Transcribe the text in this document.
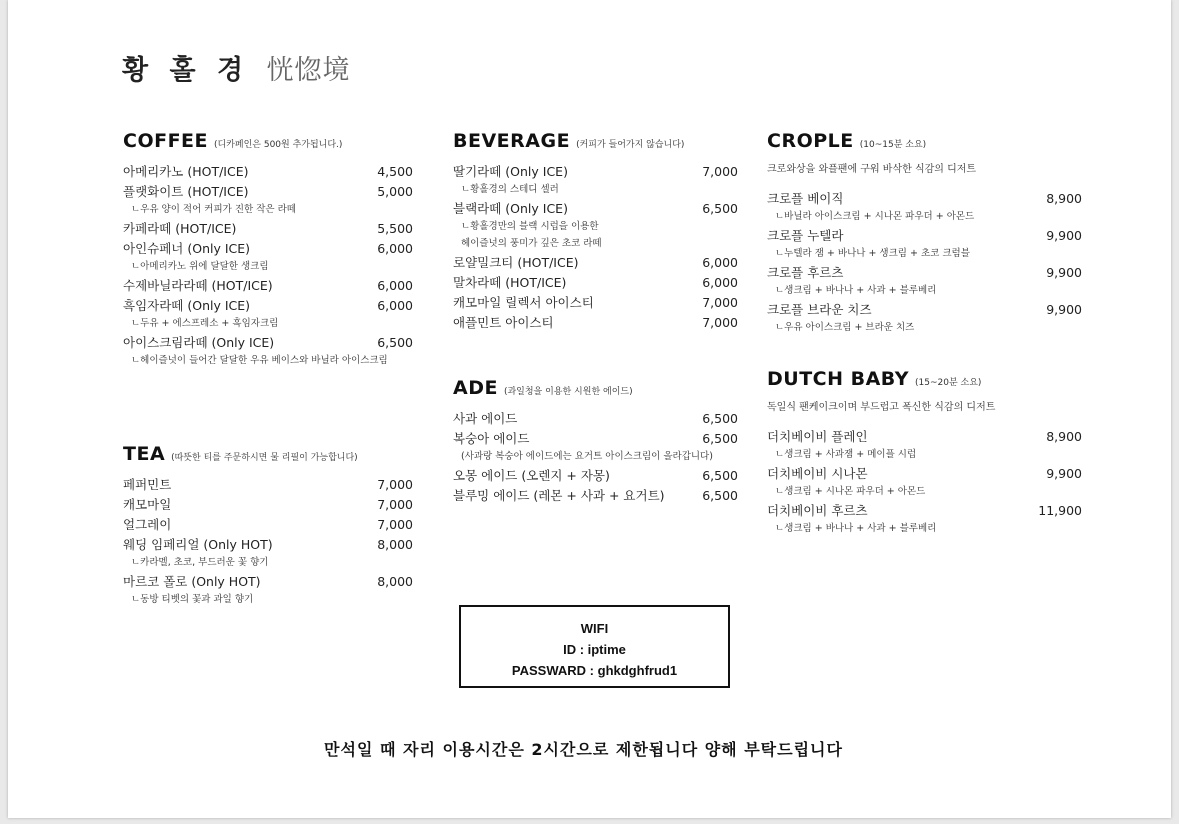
황 홀 경 恍惚境
COFFEE (디카페인은 500원 추가됩니다.)
아메리카노 (HOT/ICE)	4,500
플랫화이트 (HOT/ICE)	5,000
ㄴ우유 양이 적어 커피가 진한 작은 라떼
카페라떼 (HOT/ICE)	5,500
아인슈페너 (Only ICE)	6,000
ㄴ아메리카노 위에 달달한 생크림
수제바닐라라떼 (HOT/ICE)	6,000
흑임자라떼 (Only ICE)	6,000
ㄴ두유 + 에스프레소 + 흑임자크림
아이스크림라떼 (Only ICE)	6,500
ㄴ헤이즐넛이 들어간 달달한 우유 베이스와 바닐라 아이스크림
TEA (따뜻한 티를 주문하시면 물 리필이 가능합니다)
페퍼민트	7,000
캐모마일	7,000
얼그레이	7,000
웨딩 임페리얼 (Only HOT)	8,000
ㄴ카라멜, 초코, 부드러운 꽃 향기
마르코 폴로 (Only HOT)	8,000
ㄴ동방 티벳의 꽃과 과일 향기
BEVERAGE (커피가 들어가지 않습니다)
딸기라떼 (Only ICE)	7,000
ㄴ황홀경의 스테디 셀러
블랙라떼 (Only ICE)	6,500
ㄴ황홀경만의 블랙 시럽을 이용한
헤이즐넛의 풍미가 깊은 초코 라떼
로얄밀크티 (HOT/ICE)	6,000
말차라떼 (HOT/ICE)	6,000
캐모마일 릴렉서 아이스티	7,000
애플민트 아이스티	7,000
ADE (과일청을 이용한 시원한 에이드)
사과 에이드	6,500
복숭아 에이드	6,500
(사과랑 복숭아 에이드에는 요거트 아이스크림이 올라갑니다)
오몽 에이드 (오렌지 + 자몽)	6,500
블루밍 에이드 (레몬 + 사과 + 요거트)	6,500
CROPLE (10~15분 소요)
크로와상을 와플팬에 구워 바삭한 식감의 디저트
크로플 베이직	8,900
ㄴ바닐라 아이스크림 + 시나몬 파우더 + 아몬드
크로플 누텔라	9,900
ㄴ누텔라 잼 + 바나나 + 생크림 + 초코 크럼블
크로플 후르츠	9,900
ㄴ생크림 + 바나나 + 사과 + 블루베리
크로플 브라운 치즈	9,900
ㄴ우유 아이스크림 + 브라운 치즈
DUTCH BABY (15~20분 소요)
독일식 팬케이크이며 부드럽고 폭신한 식감의 디저트
더치베이비 플레인	8,900
ㄴ생크림 + 사과잼 + 메이플 시럽
더치베이비 시나몬	9,900
ㄴ생크림 + 시나몬 파우더 + 아몬드
더치베이비 후르츠	11,900
ㄴ생크림 + 바나나 + 사과 + 블루베리
WIFI
ID : iptime
PASSWARD : ghkdghfrud1
만석일 때 자리 이용시간은 2시간으로 제한됩니다 양해 부탁드립니다
